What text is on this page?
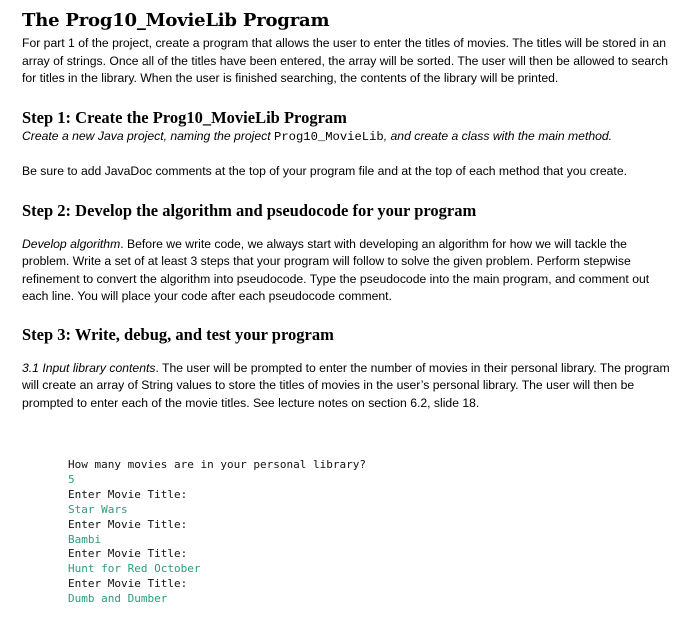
The Prog10_MovieLib Program

For part 1 of the project, create a program that allows the user to enter the titles of movies. The titles will be stored in an array of strings. Once all of the titles have been entered, the array will be sorted. The user will then be allowed to search for titles in the library. When the user is finished searching, the contents of the library will be printed.

Step 1: Create the Prog10_MovieLib Program

Create a new Java project, naming the project Prog10_MovieLib, and create a class with the main method.

Be sure to add JavaDoc comments at the top of your program file and at the top of each method that you create.

Step 2: Develop the algorithm and pseudocode for your program

Develop algorithm. Before we write code, we always start with developing an algorithm for how we will tackle the problem. Write a set of at least 3 steps that your program will follow to solve the given problem. Perform stepwise refinement to convert the algorithm into pseudocode. Type the pseudocode into the main program, and comment out each line. You will place your code after each pseudocode comment.

Step 3: Write, debug, and test your program

3.1 Input library contents. The user will be prompted to enter the number of movies in their personal library. The program will create an array of String values to store the titles of movies in the user’s personal library. The user will then be prompted to enter each of the movie titles. See lecture notes on section 6.2, slide 18.

How many movies are in your personal library?
5
Enter Movie Title:
Star Wars
Enter Movie Title:
Bambi
Enter Movie Title:
Hunt for Red October
Enter Movie Title:
Dumb and Dumber
